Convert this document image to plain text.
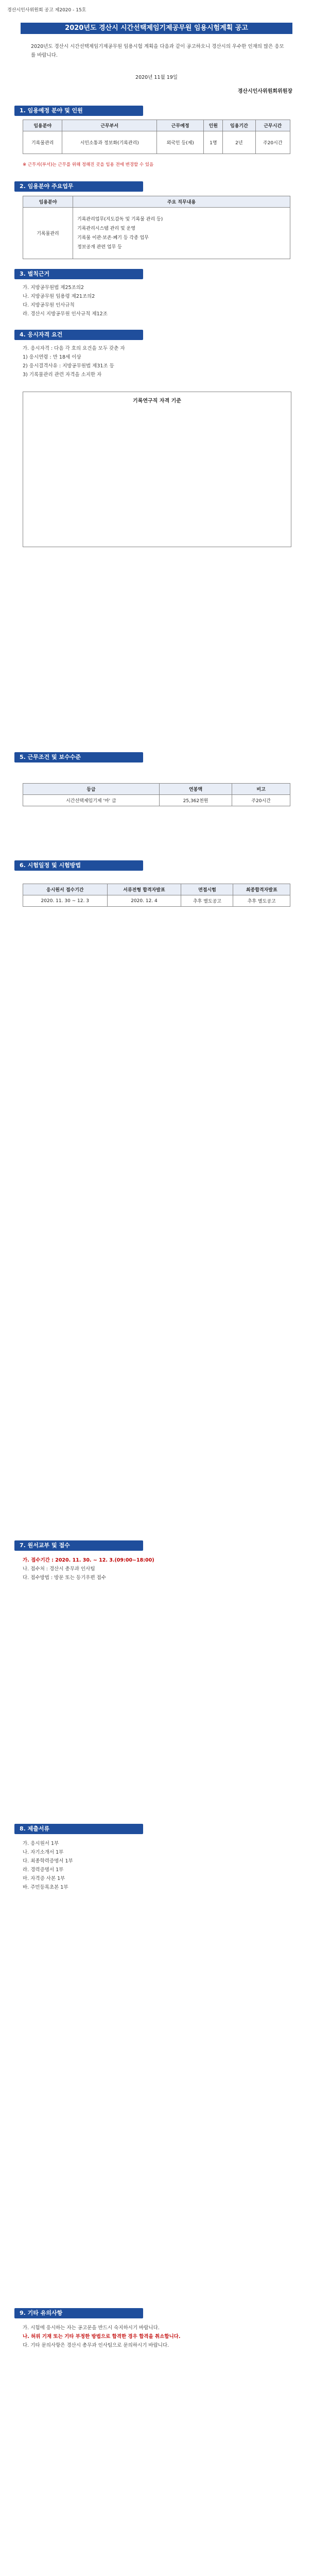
경산시인사위원회 공고 제2020 - 15호
2020년도 경산시 시간선택제임기제공무원 임용시험계획 공고
2020년도 경산시 시간선택제임기제공무원 임용시험 계획을 다음과 같이 공고하오니 경산시의 우수한 인재의 많은 응모를 바랍니다.
2020년 11월 19일
경산시인사위원회위원장
1. 임용예정 분야 및 인원
임용분야	근무부서	근무예정	인원	임용기간	근무시간
기록물관리	시민소통과 정보화(기록관리)	외국인 등(제)	1명	2년	주20시간
※ 근무지(부서)는 근무를 위해 정해진 곳을 임용 전에 변경할 수 있음
2. 임용분야 주요업무
임용분야	주요 직무내용
기록물관리	기록관리업무(지도감독 및 기록물 관리 등)
기록관리시스템 관리 및 운영
기록물 이관·보존·폐기 등 각종 업무
정보공개 관련 업무 등
3. 벌칙근거
가. 지방공무원법 제25조의2
나. 지방공무원 임용령 제21조의2
다. 지방공무원 인사규칙
라. 경산시 지방공무원 인사규칙 제12조
4. 응시자격 요건
가. 응시자격 : 다음 각 호의 요건을 모두 갖춘 자
1) 응시연령 : 만 18세 이상
2) 응시결격사유 : 지방공무원법 제31조 등
3) 기록물관리 관련 자격을 소지한 자
기록연구직 자격 기준
5. 근무조건 및 보수수준
등급	연봉액	비고
시간선택제임기제 '마' 급	25,362천원	주20시간
6. 시험일정 및 시험방법
응시원서 접수기간	서류전형 합격자발표	면접시험	최종합격자발표
2020. 11. 30 ~ 12. 3	2020. 12. 4	추후 별도공고	추후 별도공고
7. 원서교부 및 접수
가. 접수기간 : 2020. 11. 30. ~ 12. 3.(09:00~18:00)
나. 접수처 : 경산시 총무과 인사팀
다. 접수방법 : 방문 또는 등기우편 접수
8. 제출서류
가. 응시원서 1부
나. 자기소개서 1부
다. 최종학력증명서 1부
라. 경력증명서 1부
마. 자격증 사본 1부
바. 주민등록초본 1부
9. 기타 유의사항
가. 시험에 응시하는 자는 공고문을 반드시 숙지하시기 바랍니다.
나. 허위 기재 또는 기타 부정한 방법으로 합격한 경우 합격을 취소합니다.
다. 기타 문의사항은 경산시 총무과 인사팀으로 문의하시기 바랍니다.
